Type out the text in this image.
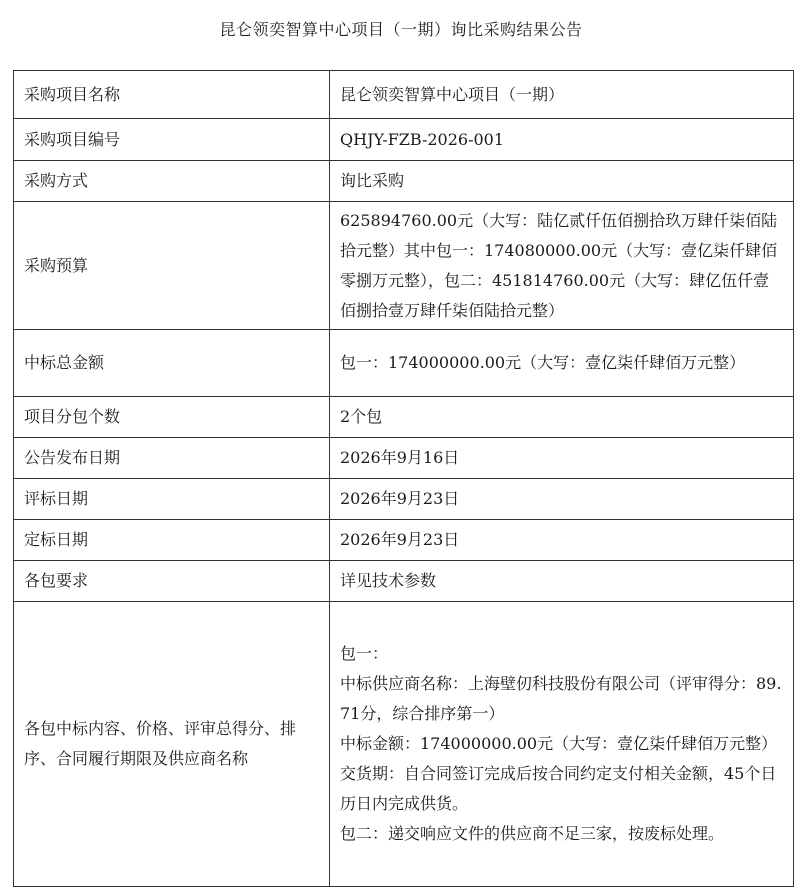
昆仑领奕智算中心项目（一期）询比采购结果公告
采购项目名称	昆仑领奕智算中心项目（一期）
采购项目编号	QHJY-FZB-2026-001
采购方式	询比采购
采购预算	625894760.00元（大写：陆亿贰仟伍佰捌拾玖万肆仟柒佰陆拾元整）其中包一：174080000.00元（大写：壹亿柒仟肆佰零捌万元整），包二：451814760.00元（大写：肆亿伍仟壹佰捌拾壹万肆仟柒佰陆拾元整）
中标总金额	包一：174000000.00元（大写：壹亿柒仟肆佰万元整）
项目分包个数	2个包
公告发布日期	2026年9月16日
评标日期	2026年9月23日
定标日期	2026年9月23日
各包要求	详见技术参数
各包中标内容、价格、评审总得分、排序、合同履行期限及供应商名称	包一：
中标供应商名称：上海壁仞科技股份有限公司（评审得分：89.71分，综合排序第一）
中标金额：174000000.00元（大写：壹亿柒仟肆佰万元整）
交货期：自合同签订完成后按合同约定支付相关金额，45个日历日内完成供货。
包二：递交响应文件的供应商不足三家，按废标处理。
